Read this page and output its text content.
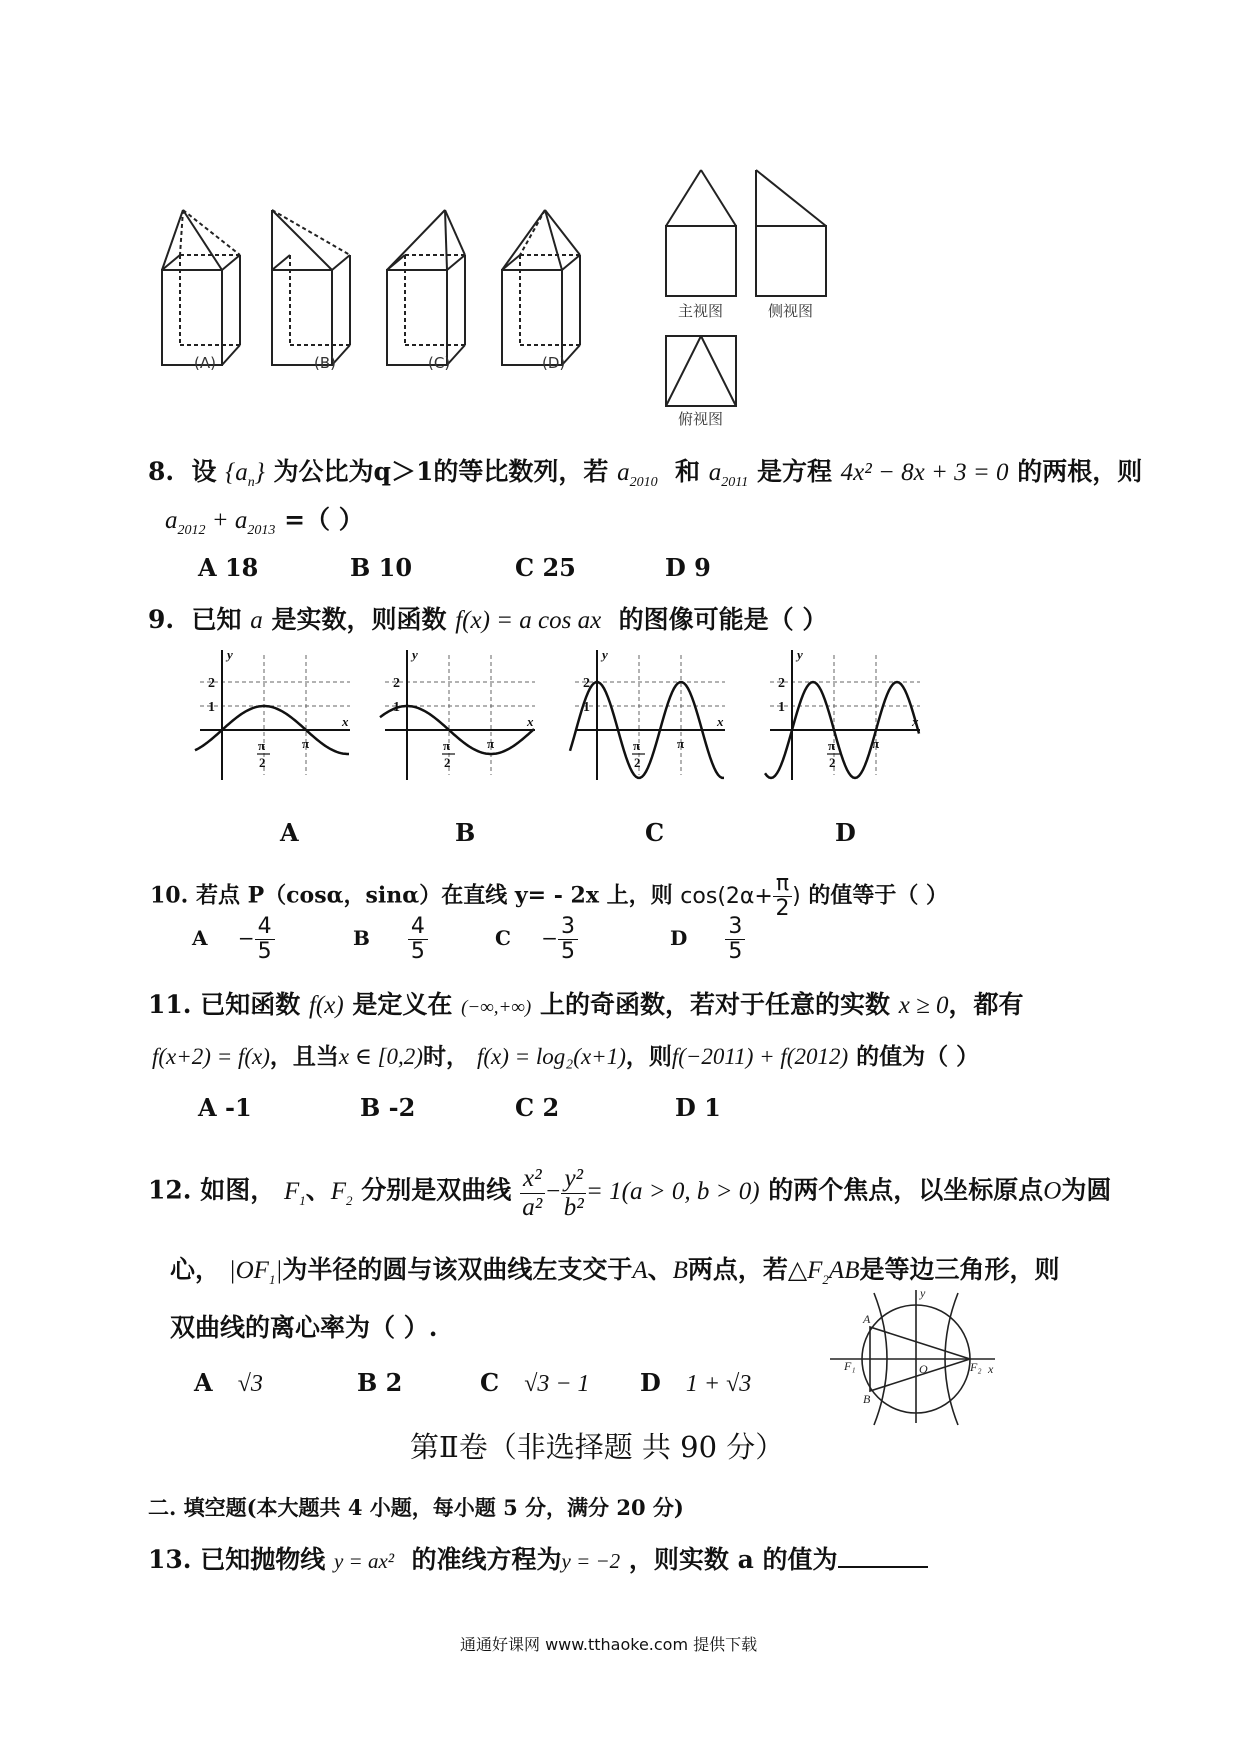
(A)	(B)	(C)	(D)
主视图	侧视图
俯视图
8. 设 $\{a_n\}$ 为公比为q＞1的等比数列，若 $a_{2010}$ 和 $a_{2011}$ 是方程 4x² − 8x + 3 = 0 的两根，则
$a_{2012} + a_{2013}$ =（ ）
A 18	B 10	C 25	D 9
9. 已知 a 是实数，则函数 f(x) = a cos ax 的图像可能是（ ）
1
2
y
x
π
2
π
1
2
y
x
π
2
π
1
2
y
x
π
2
π
1
2
y
x
π
2
π
A	B	C	D
10. 若点 P（cosα，sinα）在直线 y= - 2x 上，则 $\cos(2\alpha+ \frac{\pi}{2}$ ) 的值等于（ ）
$A - \frac{4}{5}$	B $\frac{4}{5}$	$C - \frac{3}{5}$	D $\frac{3}{5}$
11. 已知函数 f(x) 是定义在 (−∞,+∞) 上的奇函数，若对于任意的实数 x ≥ 0，都有
f(x+2) = f(x)，且当x ∈ [0,2)时， f(x) = log₂(x+1)，则f(−2011) + f(2012) 的值为（ ）
A -1	B -2	C 2	D 1
12. 如图， $F_1$、$F_2$ 分别是双曲线 $\frac{\text{x²}}{\text{a²}} - \frac{\text{y²}}{\text{b²}} = 1(a > 0$, b > 0) 的两个焦点，以坐标原点O为圆
心， $|OF_1|$为半径的圆与该双曲线左支交于A、B两点，若$\triangle F_2AB$是等边三角形，则
双曲线的离心率为（ ）.
A √3	B 2	C √3 − 1 D 1 + √3
A
B
O
F₁	F₂ x
y
第Ⅱ卷（非选择题 共 90 分）
二. 填空题(本大题共 4 小题，每小题 5 分，满分 20 分)
13. 已知抛物线 y = ax² 的准线方程为y = −2 ，则实数 a 的值为
通通好课网 www.tthaoke.com 提供下载
